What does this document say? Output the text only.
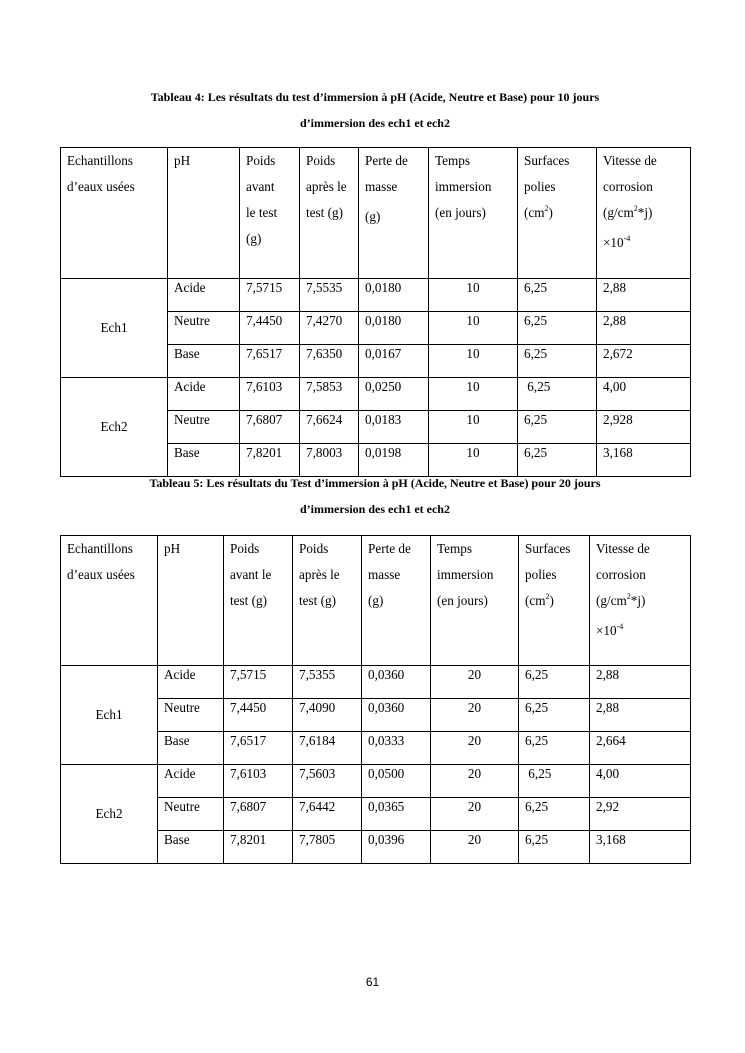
Tableau 4: Les résultats du test d’immersion à pH (Acide, Neutre et Base) pour 10 jours
d’immersion des ech1 et ech2
Echantillons
d’eaux usées	pH	Poids
avant
le test
(g)	Poids
après le
test (g)	Perte de
masse
(g)	Temps
immersion
(en jours)	Surfaces
polies
$(cm^2)$	Vitesse de
corrosion
$(g/cm^2*j)$
$\times 10^{-4}$

Ech1	Acide	7,5715	7,5535	0,0180	10	6,25	2,88
	Neutre	7,4450	7,4270	0,0180	10	6,25	2,88
	Base	7,6517	7,6350	0,0167	10	6,25	2,672
Ech2	Acide	7,6103	7,5853	0,0250	10	6,25	4,00
	Neutre	7,6807	7,6624	0,0183	10	6,25	2,928
	Base	7,8201	7,8003	0,0198	10	6,25	3,168
Tableau 5: Les résultats du Test d’immersion à pH (Acide, Neutre et Base) pour 20 jours
d’immersion des ech1 et ech2
Echantillons
d’eaux usées	pH	Poids
avant le
test (g)	Poids
après le
test (g)	Perte de
masse
(g)	Temps
immersion
(en jours)	Surfaces
polies
$(cm^2)$	Vitesse de
corrosion
$(g/cm^2*j)$
$\times 10^{-4}$

Ech1	Acide	7,5715	7,5355	0,0360	20	6,25	2,88
	Neutre	7,4450	7,4090	0,0360	20	6,25	2,88
	Base	7,6517	7,6184	0,0333	20	6,25	2,664
Ech2	Acide	7,6103	7,5603	0,0500	20	6,25	4,00
	Neutre	7,6807	7,6442	0,0365	20	6,25	2,92
	Base	7,8201	7,7805	0,0396	20	6,25	3,168
61
